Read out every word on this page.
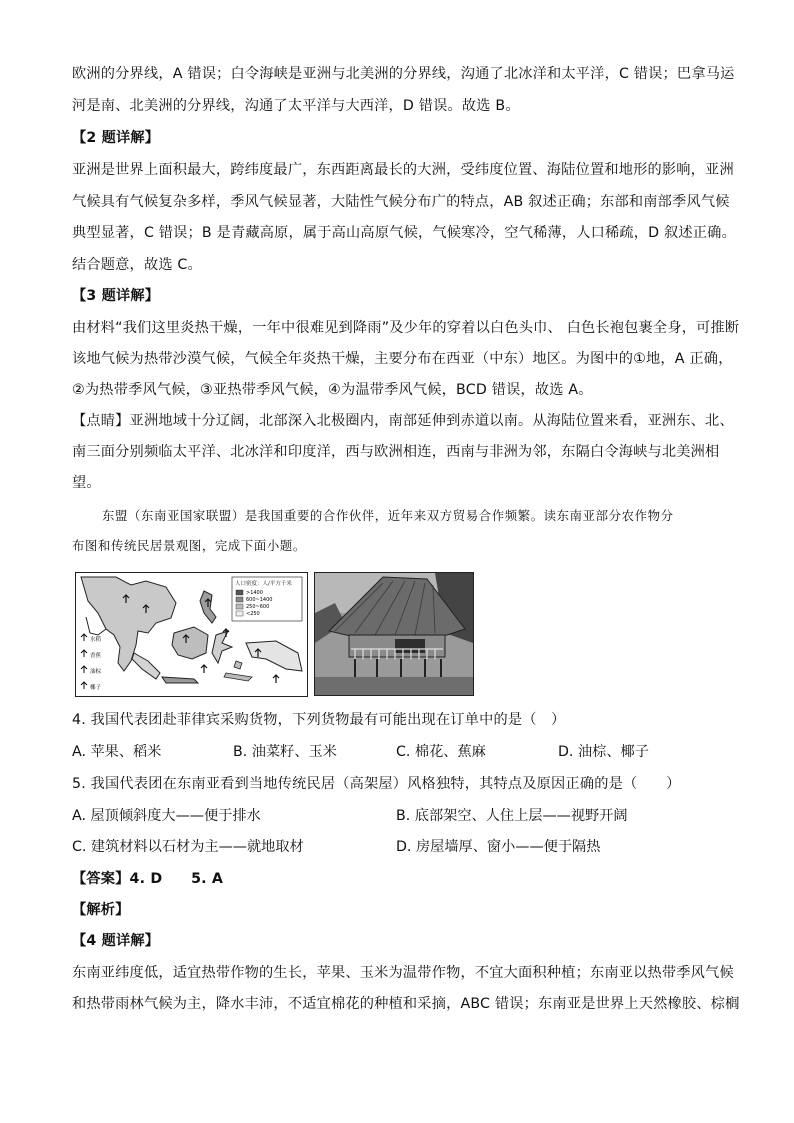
欧洲的分界线，A 错误；白令海峡是亚洲与北美洲的分界线，沟通了北冰洋和太平洋，C 错误；巴拿马运
河是南、北美洲的分界线，沟通了太平洋与大西洋，D 错误。故选 B。
【2 题详解】
亚洲是世界上面积最大，跨纬度最广，东西距离最长的大洲，受纬度位置、海陆位置和地形的影响，亚洲
气候具有气候复杂多样，季风气候显著，大陆性气候分布广的特点，AB 叙述正确；东部和南部季风气候
典型显著，C 错误；B 是青藏高原，属于高山高原气候，气候寒冷，空气稀薄，人口稀疏，D 叙述正确。
结合题意，故选 C。
【3 题详解】
由材料“我们这里炎热干燥，一年中很难见到降雨”及少年的穿着以白色头巾、 白色长袍包裹全身，可推断
该地气候为热带沙漠气候，气候全年炎热干燥，主要分布在西亚（中东）地区。为图中的①地，A 正确，
②为热带季风气候，③亚热带季风气候，④为温带季风气候，BCD 错误，故选 A。
【点睛】亚洲地域十分辽阔，北部深入北极圈内，南部延伸到赤道以南。从海陆位置来看，亚洲东、北、
南三面分别频临太平洋、北冰洋和印度洋，西与欧洲相连，西南与非洲为邻，东隔白令海峡与北美洲相
望。
东盟（东南亚国家联盟）是我国重要的合作伙伴，近年来双方贸易合作频繁。读东南亚部分农作物分
布图和传统民居景观图，完成下面小题。
人口密度：人/平方千米
>1400
600~1400
250~600
<250
水稻
香蕉
油棕
椰子
4. 我国代表团赴菲律宾采购货物，下列货物最有可能出现在订单中的是（　）
A. 苹果、稻米	B. 油菜籽、玉米	C. 棉花、蕉麻	D. 油棕、椰子
5. 我国代表团在东南亚看到当地传统民居（高架屋）风格独特，其特点及原因正确的是（　　）
A. 屋顶倾斜度大——便于排水	B. 底部架空、人住上层——视野开阔
C. 建筑材料以石材为主——就地取材	D. 房屋墙厚、窗小——便于隔热
【答案】4. D　　5. A
【解析】
【4 题详解】
东南亚纬度低，适宜热带作物的生长，苹果、玉米为温带作物，不宜大面积种植；东南亚以热带季风气候
和热带雨林气候为主，降水丰沛，不适宜棉花的种植和采摘，ABC 错误；东南亚是世界上天然橡胶、棕榈
